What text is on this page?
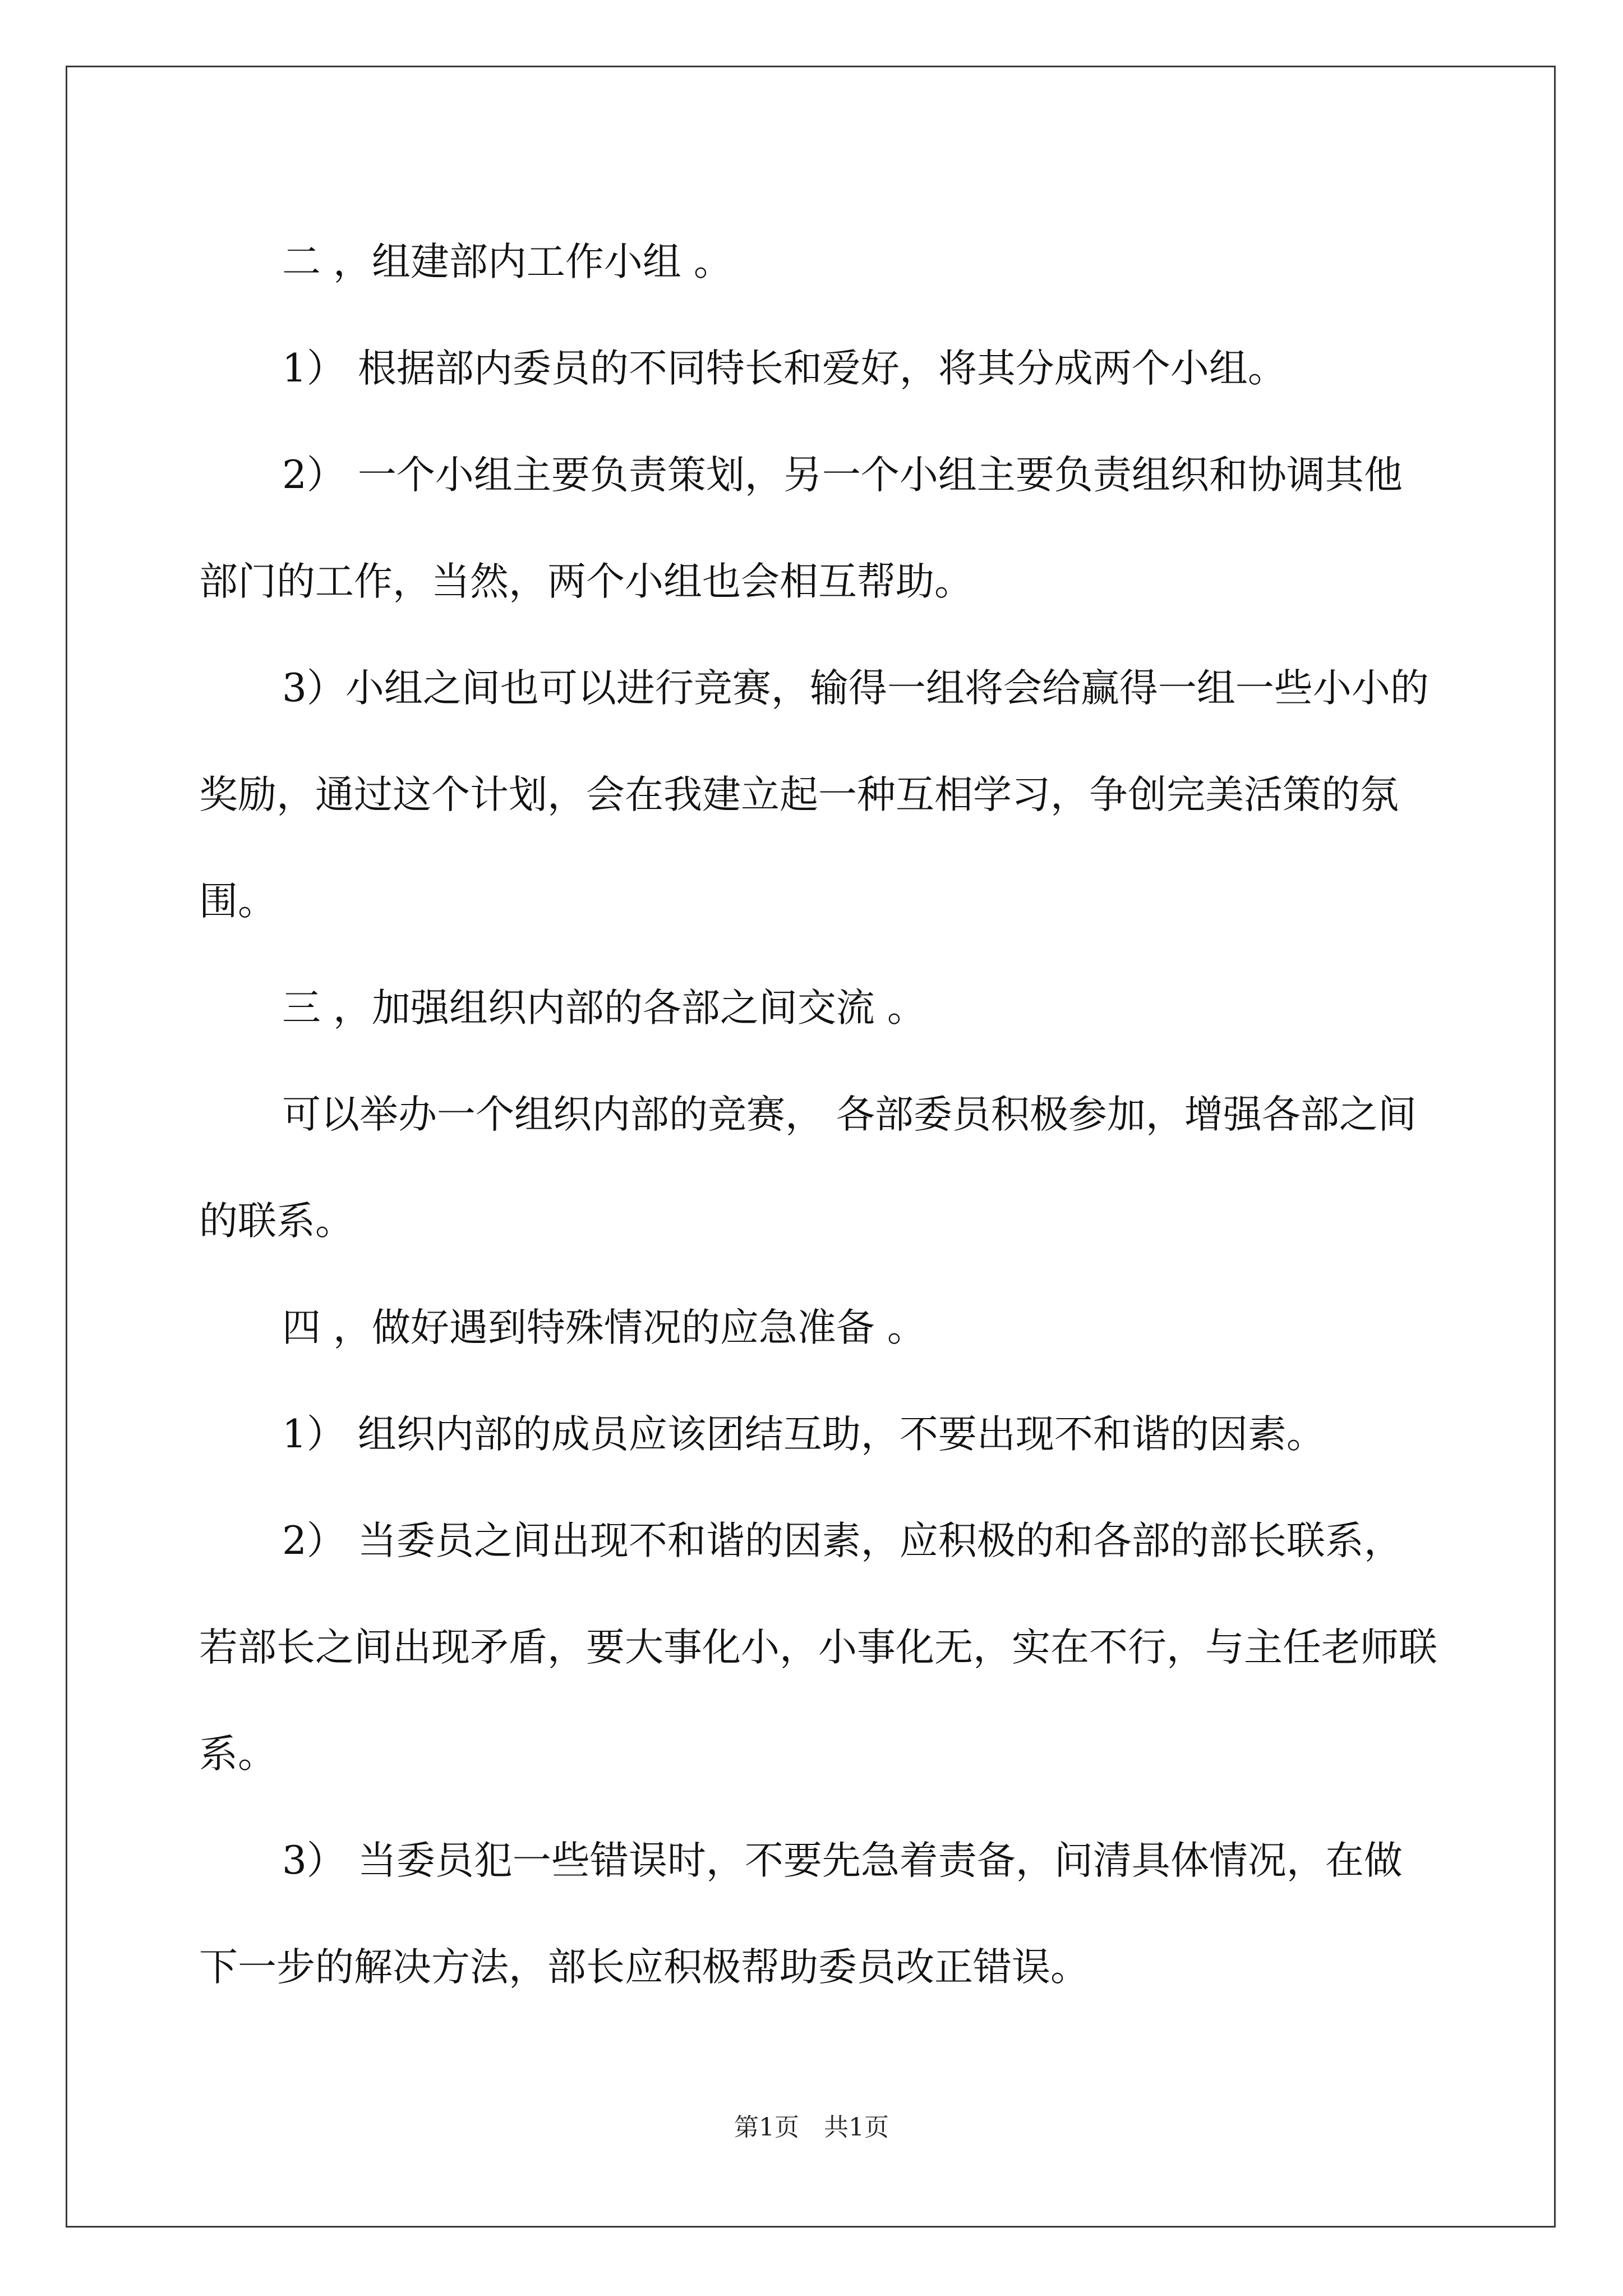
二 ，组建部内工作小组 。

1） 根据部内委员的不同特长和爱好，将其分成两个小组。

2） 一个小组主要负责策划，另一个小组主要负责组织和协调其他部门的工作，当然，两个小组也会相互帮助。

3）小组之间也可以进行竞赛，输得一组将会给赢得一组一些小小的奖励，通过这个计划，会在我建立起一种互相学习，争创完美活策的氛围。

三 ，加强组织内部的各部之间交流 。

可以举办一个组织内部的竞赛， 各部委员积极参加，增强各部之间的联系。

四 ，做好遇到特殊情况的应急准备 。

1） 组织内部的成员应该团结互助，不要出现不和谐的因素。

2） 当委员之间出现不和谐的因素，应积极的和各部的部长联系，若部长之间出现矛盾，要大事化小，小事化无，实在不行，与主任老师联系。

3） 当委员犯一些错误时，不要先急着责备，问清具体情况，在做下一步的解决方法，部长应积极帮助委员改正错误。

第1页　共1页
